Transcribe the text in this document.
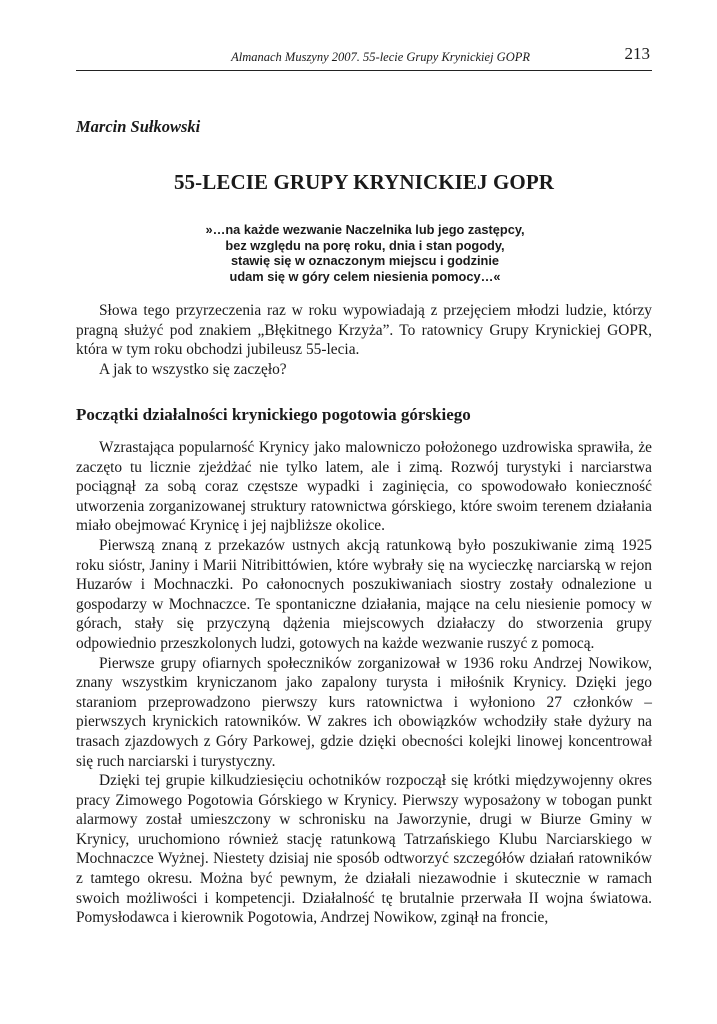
Almanach Muszyny 2007. 55-lecie Grupy Krynickiej GOPR	213
Marcin Sułkowski
55-LECIE GRUPY KRYNICKIEJ GOPR
»…na każde wezwanie Naczelnika lub jego zastępcy,
bez względu na porę roku, dnia i stan pogody,
stawię się w oznaczonym miejscu i godzinie
udam się w góry celem niesienia pomocy…«

Słowa tego przyrzeczenia raz w roku wypowiadają z przejęciem młodzi ludzie, którzy pragną służyć pod znakiem „Błękitnego Krzyża”. To ratownicy Grupy Krynickiej GOPR, która w tym roku obchodzi jubileusz 55-lecia.

A jak to wszystko się zaczęło?

Początki działalności krynickiego pogotowia górskiego

Wzrastająca popularność Krynicy jako malowniczo położonego uzdrowiska sprawiła, że zaczęto tu licznie zjeżdżać nie tylko latem, ale i zimą. Rozwój turystyki i narciarstwa pociągnął za sobą coraz częstsze wypadki i zaginięcia, co spowodowało konieczność utworzenia zorganizowanej struktury ratownictwa górskiego, które swoim terenem działania miało obejmować Krynicę i jej najbliższe okolice.

Pierwszą znaną z przekazów ustnych akcją ratunkową było poszukiwanie zimą 1925 roku sióstr, Janiny i Marii Nitribittówien, które wybrały się na wycieczkę narciarską w rejon Huzarów i Mochnaczki. Po całonocnych poszukiwaniach siostry zostały odnalezione u gospodarzy w Mochnaczce. Te spontaniczne działania, mające na celu niesienie pomocy w górach, stały się przyczyną dążenia miejscowych działaczy do stworzenia grupy odpowiednio przeszkolonych ludzi, gotowych na każde wezwanie ruszyć z pomocą.

Pierwsze grupy ofiarnych społeczników zorganizował w 1936 roku Andrzej Nowikow, znany wszystkim kryniczanom jako zapalony turysta i miłośnik Krynicy. Dzięki jego staraniom przeprowadzono pierwszy kurs ratownictwa i wyłoniono 27 członków – pierwszych krynickich ratowników. W zakres ich obowiązków wchodziły stałe dyżury na trasach zjazdowych z Góry Parkowej, gdzie dzięki obecności kolejki linowej koncentrował się ruch narciarski i turystyczny.

Dzięki tej grupie kilkudziesięciu ochotników rozpoczął się krótki międzywojenny okres pracy Zimowego Pogotowia Górskiego w Krynicy. Pierwszy wyposażony w tobogan punkt alarmowy został umieszczony w schronisku na Jaworzynie, drugi w Biurze Gminy w Krynicy, uruchomiono również stację ratunkową Tatrzańskiego Klubu Narciarskiego w Mochnaczce Wyżnej. Niestety dzisiaj nie sposób odtworzyć szczegółów działań ratowników z tamtego okresu. Można być pewnym, że działali niezawodnie i skutecznie w ramach swoich możliwości i kompetencji. Działalność tę brutalnie przerwała II wojna światowa. Pomysłodawca i kierownik Pogotowia, Andrzej Nowikow, zginął na froncie,
